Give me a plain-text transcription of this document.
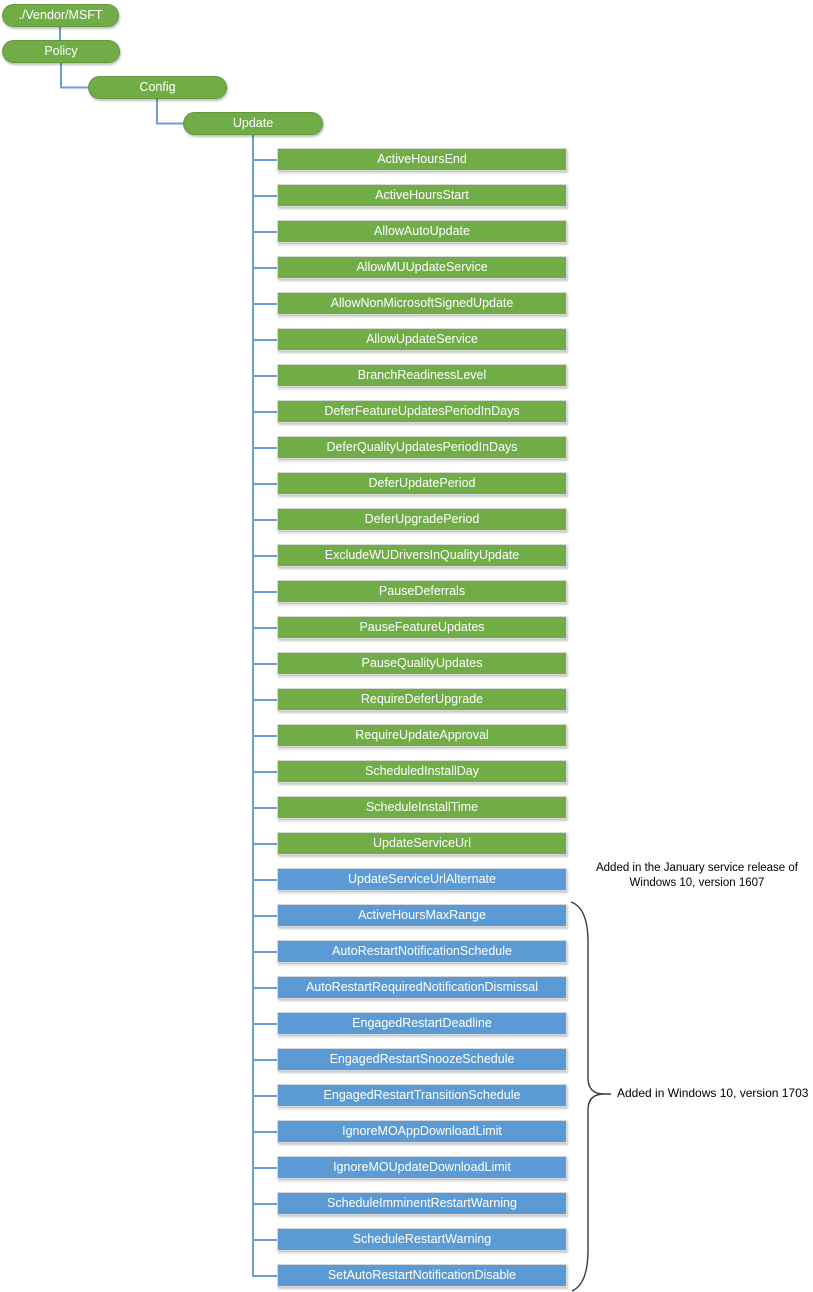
./Vendor/MSFT
Policy
Config
Update
ActiveHoursEnd
ActiveHoursStart
AllowAutoUpdate
AllowMUUpdateService
AllowNonMicrosoftSignedUpdate
AllowUpdateService
BranchReadinessLevel
DeferFeatureUpdatesPeriodInDays
DeferQualityUpdatesPeriodInDays
DeferUpdatePeriod
DeferUpgradePeriod
ExcludeWUDriversInQualityUpdate
PauseDeferrals
PauseFeatureUpdates
PauseQualityUpdates
RequireDeferUpgrade
RequireUpdateApproval
ScheduledInstallDay
ScheduleInstallTime
UpdateServiceUrl
UpdateServiceUrlAlternate
ActiveHoursMaxRange
AutoRestartNotificationSchedule
AutoRestartRequiredNotificationDismissal
EngagedRestartDeadline
EngagedRestartSnoozeSchedule
EngagedRestartTransitionSchedule
IgnoreMOAppDownloadLimit
IgnoreMOUpdateDownloadLimit
ScheduleImminentRestartWarning
ScheduleRestartWarning
SetAutoRestartNotificationDisable
Added in the January service release of
Windows 10, version 1607
Added in Windows 10, version 1703
